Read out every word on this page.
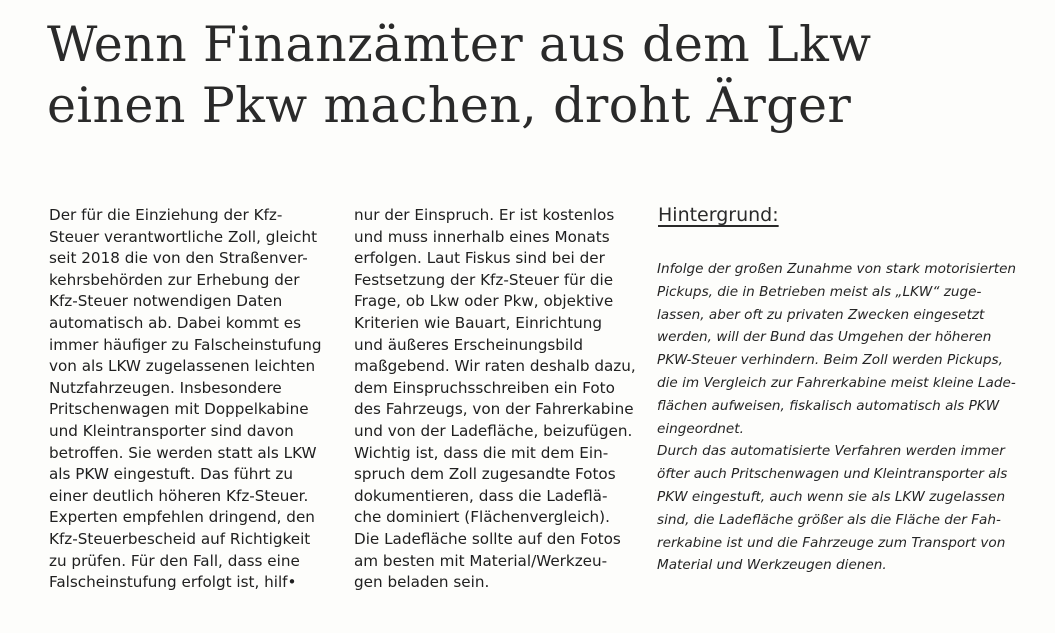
Wenn Finanzämter aus dem Lkw
einen Pkw machen, droht Ärger
Der für die Einziehung der Kfz-
Steuer verantwortliche Zoll, gleicht
seit 2018 die von den Straßenver-
kehrsbehörden zur Erhebung der
Kfz-Steuer notwendigen Daten
automatisch ab. Dabei kommt es
immer häufiger zu Falscheinstufung
von als LKW zugelassenen leichten
Nutzfahrzeugen. Insbesondere
Pritschenwagen mit Doppelkabine
und Kleintransporter sind davon
betroffen. Sie werden statt als LKW
als PKW eingestuft. Das führt zu
einer deutlich höheren Kfz-Steuer.
Experten empfehlen dringend, den
Kfz-Steuerbescheid auf Richtigkeit
zu prüfen. Für den Fall, dass eine
Falscheinstufung erfolgt ist, hilf•
nur der Einspruch. Er ist kostenlos
und muss innerhalb eines Monats
erfolgen. Laut Fiskus sind bei der
Festsetzung der Kfz-Steuer für die
Frage, ob Lkw oder Pkw, objektive
Kriterien wie Bauart, Einrichtung
und äußeres Erscheinungsbild
maßgebend. Wir raten deshalb dazu,
dem Einspruchsschreiben ein Foto
des Fahrzeugs, von der Fahrerkabine
und von der Ladefläche, beizufügen.
Wichtig ist, dass die mit dem Ein-
spruch dem Zoll zugesandte Fotos
dokumentieren, dass die Ladeflä-
che dominiert (Flächenvergleich).
Die Ladefläche sollte auf den Fotos
am besten mit Material/Werkzeu-
gen beladen sein.
Hintergrund:
Infolge der großen Zunahme von stark motorisierten
Pickups, die in Betrieben meist als „LKW“ zuge-
lassen, aber oft zu privaten Zwecken eingesetzt
werden, will der Bund das Umgehen der höheren
PKW-Steuer verhindern. Beim Zoll werden Pickups,
die im Vergleich zur Fahrerkabine meist kleine Lade-
flächen aufweisen, fiskalisch automatisch als PKW
eingeordnet.
Durch das automatisierte Verfahren werden immer
öfter auch Pritschenwagen und Kleintransporter als
PKW eingestuft, auch wenn sie als LKW zugelassen
sind, die Ladefläche größer als die Fläche der Fah-
rerkabine ist und die Fahrzeuge zum Transport von
Material und Werkzeugen dienen.
